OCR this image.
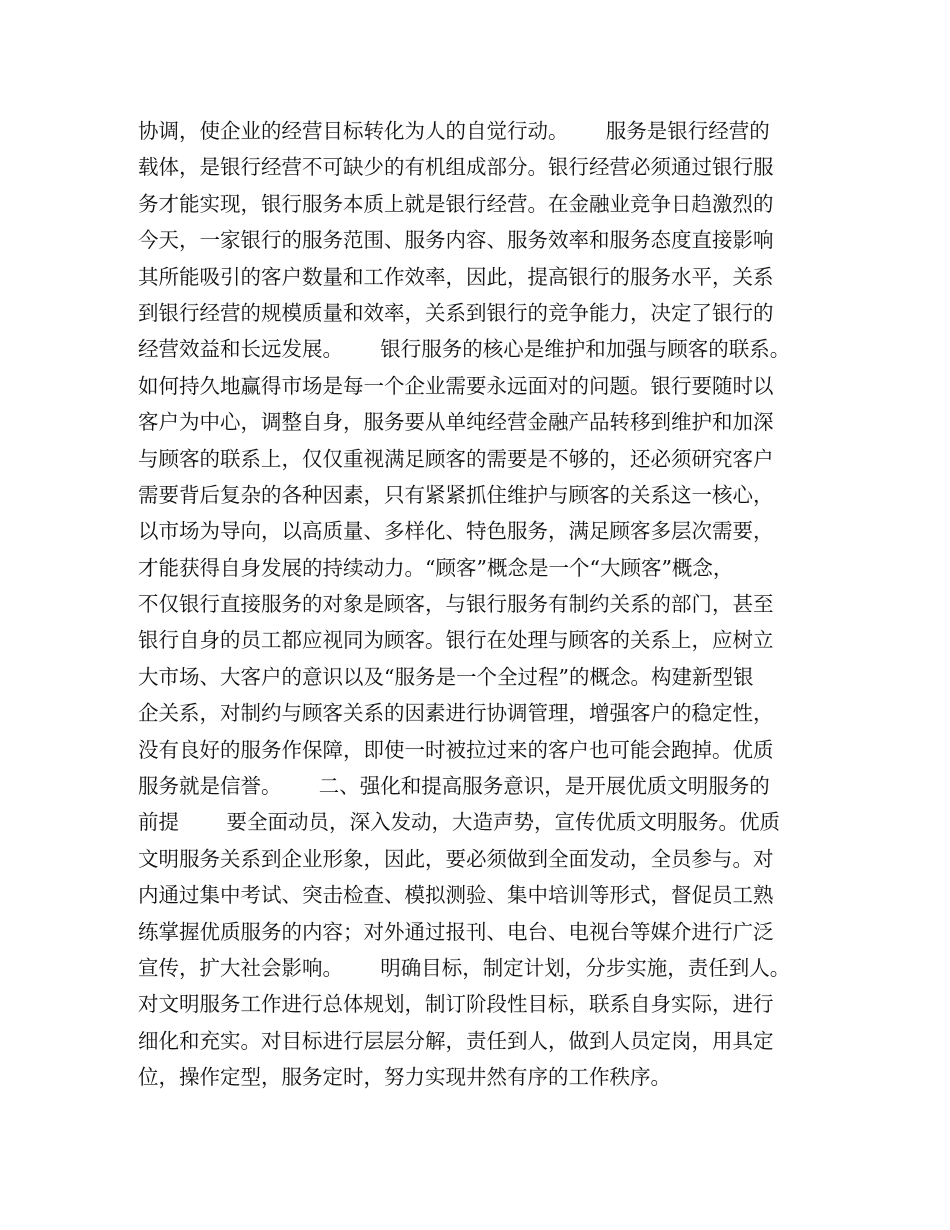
协调，使企业的经营目标转化为人的自觉行动。　　 服务是银行经营的
载体，是银行经营不可缺少的有机组成部分。银行经营必须通过银行服
务才能实现，银行服务本质上就是银行经营。在金融业竞争日趋激烈的
今天，一家银行的服务范围、服务内容、服务效率和服务态度直接影响
其所能吸引的客户数量和工作效率，因此，提高银行的服务水平，关系
到银行经营的规模质量和效率，关系到银行的竞争能力，决定了银行的
经营效益和长远发展。　　 银行服务的核心是维护和加强与顾客的联系。
如何持久地赢得市场是每一个企业需要永远面对的问题。银行要随时以
客户为中心，调整自身，服务要从单纯经营金融产品转移到维护和加深
与顾客的联系上，仅仅重视满足顾客的需要是不够的，还必须研究客户
需要背后复杂的各种因素，只有紧紧抓住维护与顾客的关系这一核心，
以市场为导向，以高质量、多样化、特色服务，满足顾客多层次需要，
才能获得自身发展的持续动力。“顾客”概念是一个“大顾客”概念，
不仅银行直接服务的对象是顾客，与银行服务有制约关系的部门，甚至
银行自身的员工都应视同为顾客。银行在处理与顾客的关系上，应树立
大市场、大客户的意识以及“服务是一个全过程”的概念。构建新型银
企关系，对制约与顾客关系的因素进行协调管理，增强客户的稳定性，
没有良好的服务作保障，即使一时被拉过来的客户也可能会跑掉。优质
服务就是信誉。　　 二、强化和提高服务意识，是开展优质文明服务的
前提　　 要全面动员，深入发动，大造声势，宣传优质文明服务。优质
文明服务关系到企业形象，因此，要必须做到全面发动，全员参与。对
内通过集中考试、突击检查、模拟测验、集中培训等形式，督促员工熟
练掌握优质服务的内容；对外通过报刊、电台、电视台等媒介进行广泛
宣传，扩大社会影响。　　 明确目标，制定计划，分步实施，责任到人。
对文明服务工作进行总体规划，制订阶段性目标，联系自身实际，进行
细化和充实。对目标进行层层分解，责任到人，做到人员定岗，用具定
位，操作定型，服务定时，努力实现井然有序的工作秩序。
